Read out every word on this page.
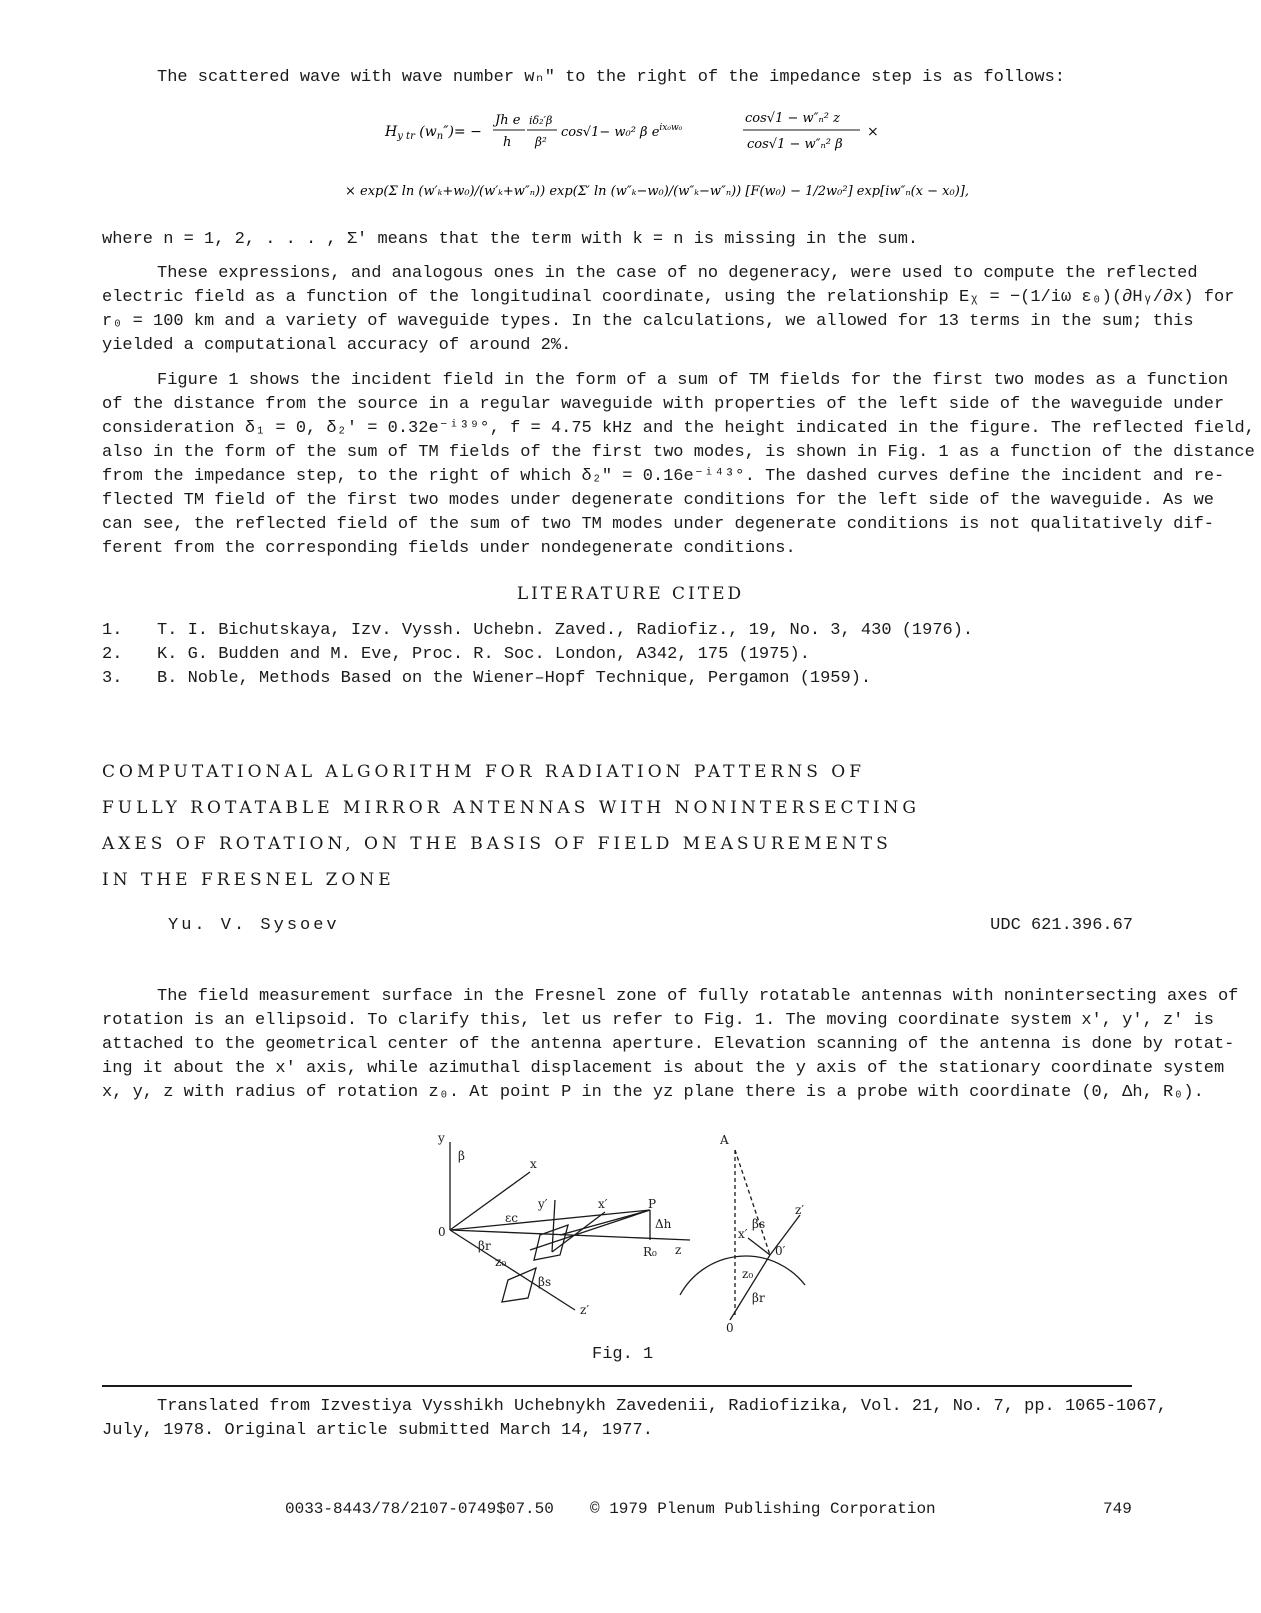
The scattered wave with wave number wₙ″ to the right of the impedance step is as follows:
$H_{y tr}$ $(w_n'')=$ −
Jh e
h
iδ₂′β
β²
cos√1− w₀² β $e^{ix_0w_0}$
cos√1 − w″ₙ² z
cos√1 − w″ₙ² β
×
× exp(Σ ln (w′ₖ+w₀)/(w′ₖ+w″ₙ)) exp(Σ′ ln (w″ₖ−w₀)/(w″ₖ−w″ₙ)) [F(w₀) − 1/2w₀²] exp[iw″ₙ(x − x₀)],
where n = 1, 2, . . . , Σ′ means that the term with k = n is missing in the sum.
These expressions, and analogous ones in the case of no degeneracy, were used to compute the reflected
electric field as a function of the longitudinal coordinate, using the relationship Eᵪ = −(1/iω ε₀)(∂Hᵧ/∂x) for
r₀ = 100 km and a variety of waveguide types. In the calculations, we allowed for 13 terms in the sum; this
yielded a computational accuracy of around 2%.
Figure 1 shows the incident field in the form of a sum of TM fields for the first two modes as a function
of the distance from the source in a regular waveguide with properties of the left side of the waveguide under
consideration δ₁ = 0, δ₂′ = 0.32e⁻ⁱ³⁹°, f = 4.75 kHz and the height indicated in the figure. The reflected field,
also in the form of the sum of TM fields of the first two modes, is shown in Fig. 1 as a function of the distance
from the impedance step, to the right of which δ₂″ = 0.16e⁻ⁱ⁴³°. The dashed curves define the incident and re-
flected TM field of the first two modes under degenerate conditions for the left side of the waveguide. As we
can see, the reflected field of the sum of two TM modes under degenerate conditions is not qualitatively dif-
ferent from the corresponding fields under nondegenerate conditions.
LITERATURE CITED
1. T. I. Bichutskaya, Izv. Vyssh. Uchebn. Zaved., Radiofiz., 19, No. 3, 430 (1976).
2. K. G. Budden and M. Eve, Proc. R. Soc. London, A342, 175 (1975).
3. B. Noble, Methods Based on the Wiener–Hopf Technique, Pergamon (1959).
COMPUTATIONAL ALGORITHM FOR RADIATION PATTERNS OF
FULLY ROTATABLE MIRROR ANTENNAS WITH NONINTERSECTING
AXES OF ROTATION, ON THE BASIS OF FIELD MEASUREMENTS
IN THE FRESNEL ZONE
Yu. V. Sysoev	UDC 621.396.67
The field measurement surface in the Fresnel zone of fully rotatable antennas with nonintersecting axes of
rotation is an ellipsoid. To clarify this, let us refer to Fig. 1. The moving coordinate system x′, y′, z′ is
attached to the geometrical center of the antenna aperture. Elevation scanning of the antenna is done by rotat-
ing it about the x′ axis, while azimuthal displacement is about the y axis of the stationary coordinate system
x, y, z with radius of rotation z₀. At point P in the yz plane there is a probe with coordinate (0, Δh, R₀).
y
β
x
y′	x′	P
0
εc	Δh
R₀ z
βr
z₀
βs
z′
A
x′
βs
z′
0′
z₀
βr
0
Fig. 1
Translated from Izvestiya Vysshikh Uchebnykh Zavedenii, Radiofizika, Vol. 21, No. 7, pp. 1065-1067,
July, 1978. Original article submitted March 14, 1977.
0033-8443/78/2107-0749$07.50 © 1979 Plenum Publishing Corporation	749
